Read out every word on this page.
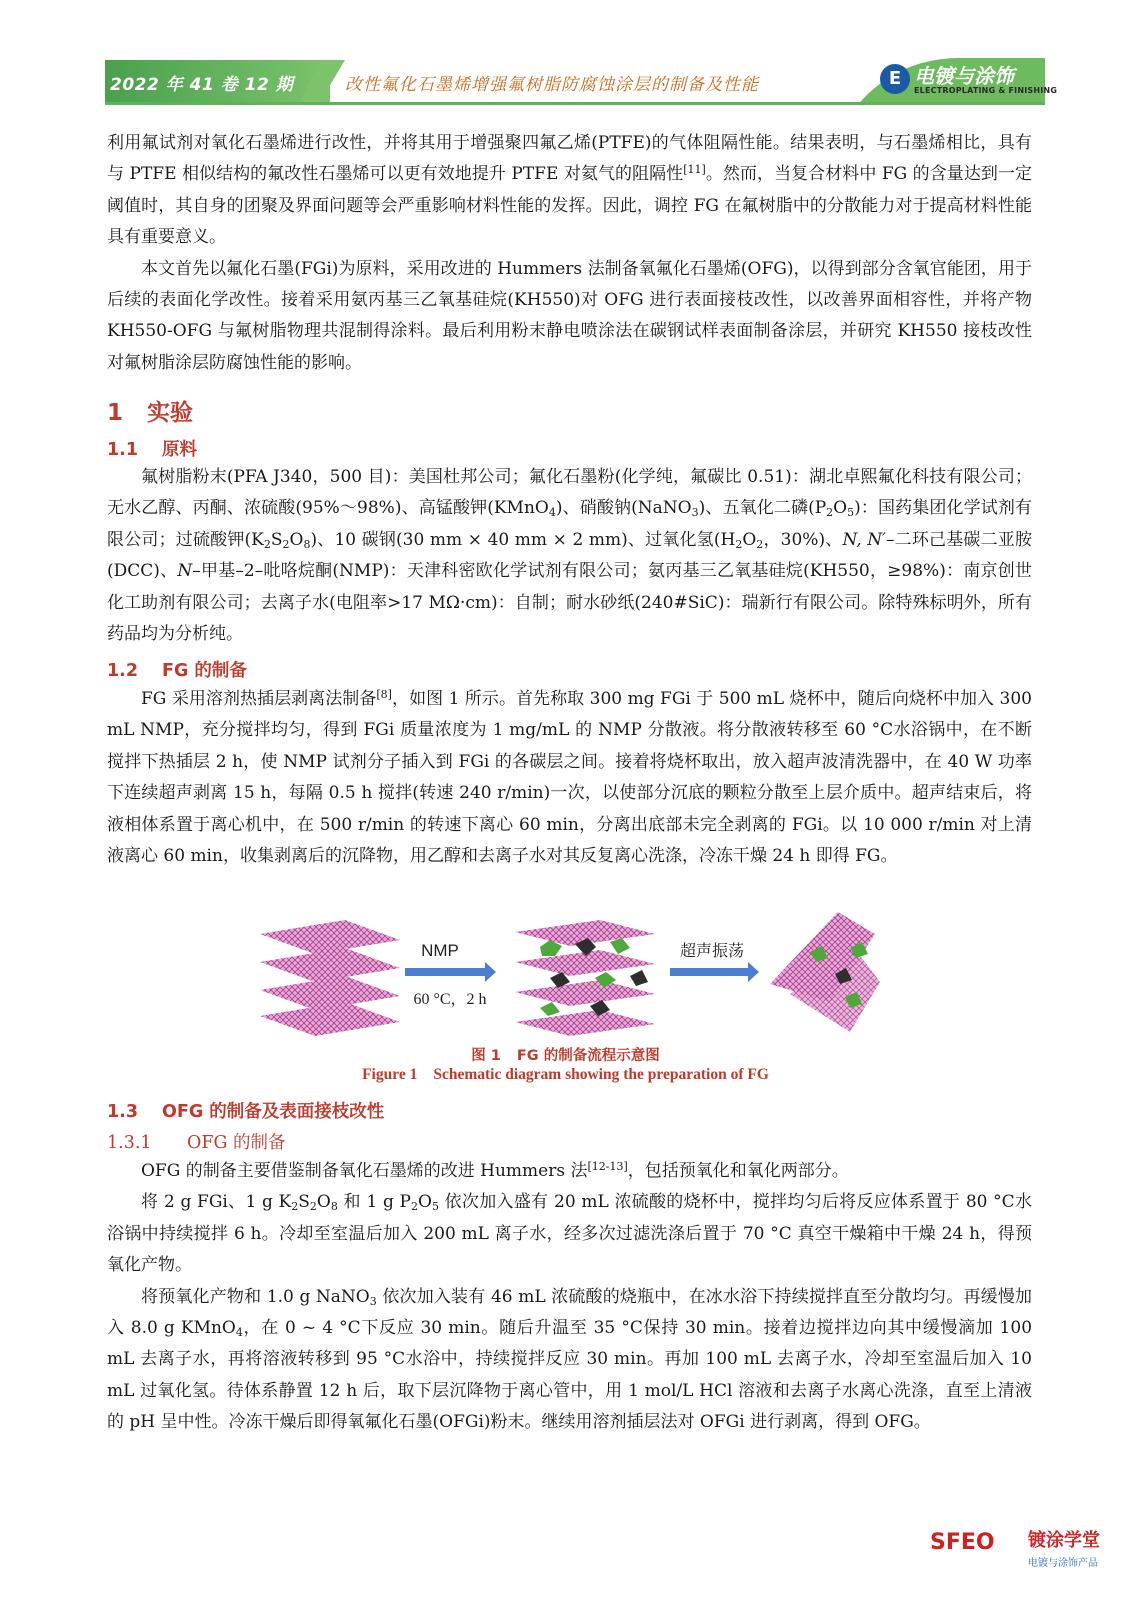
2022 年 41 卷 12 期	改性氟化石墨烯增强氟树脂防腐蚀涂层的制备及性能	E 电镀与涂饰
ELECTROPLATING & FINISHING

利用氟试剂对氧化石墨烯进行改性，并将其用于增强聚四氟乙烯(PTFE)的气体阻隔性能。结果表明，与石墨烯相比，具有与 PTFE 相似结构的氟改性石墨烯可以更有效地提升 PTFE 对氦气的阻隔性[11]。然而，当复合材料中 FG 的含量达到一定阈值时，其自身的团聚及界面问题等会严重影响材料性能的发挥。因此，调控 FG 在氟树脂中的分散能力对于提高材料性能具有重要意义。

本文首先以氟化石墨(FGi)为原料，采用改进的 Hummers 法制备氧氟化石墨烯(OFG)，以得到部分含氧官能团，用于后续的表面化学改性。接着采用氨丙基三乙氧基硅烷(KH550)对 OFG 进行表面接枝改性，以改善界面相容性，并将产物 KH550-OFG 与氟树脂物理共混制得涂料。最后利用粉末静电喷涂法在碳钢试样表面制备涂层，并研究 KH550 接枝改性对氟树脂涂层防腐蚀性能的影响。

1 实验
1.1 原料

氟树脂粉末(PFA J340，500 目)：美国杜邦公司；氟化石墨粉(化学纯，氟碳比 0.51)：湖北卓熙氟化科技有限公司；无水乙醇、丙酮、浓硫酸(95%～98%)、高锰酸钾(KMnO$_4$)、硝酸钠(NaNO$_3$)、五氧化二磷$(P_2O_5)$：国药集团化学试剂有限公司；过硫酸钾$(K_2S_2O_8)$、10 碳钢(30 mm × 40 mm × 2 mm)、过氧化氢($H_2O_2$，30%)、N, N′–二环己基碳二亚胺(DCC)、N–甲基–2–吡咯烷酮(NMP)：天津科密欧化学试剂有限公司；氨丙基三乙氧基硅烷(KH550，≥98%)：南京创世化工助剂有限公司；去离子水(电阻率>17 MΩ·cm)：自制；耐水砂纸(240#SiC)：瑞新行有限公司。除特殊标明外，所有药品均为分析纯。

1.2 FG 的制备

FG 采用溶剂热插层剥离法制备[8]，如图 1 所示。首先称取 300 mg FGi 于 500 mL 烧杯中，随后向烧杯中加入 300 mL NMP，充分搅拌均匀，得到 FGi 质量浓度为 1 mg/mL 的 NMP 分散液。将分散液转移至 60 °C水浴锅中，在不断搅拌下热插层 2 h，使 NMP 试剂分子插入到 FGi 的各碳层之间。接着将烧杯取出，放入超声波清洗器中，在 40 W 功率下连续超声剥离 15 h，每隔 0.5 h 搅拌(转速 240 r/min)一次，以使部分沉底的颗粒分散至上层介质中。超声结束后，将液相体系置于离心机中，在 500 r/min 的转速下离心 60 min，分离出底部未完全剥离的 FGi。以 10 000 r/min 对上清液离心 60 min，收集剥离后的沉降物，用乙醇和去离子水对其反复离心洗涤，冷冻干燥 24 h 即得 FG。

NMP
60 °C，2 h
超声振荡
图 1 FG 的制备流程示意图
Figure 1 Schematic diagram showing the preparation of FG
1.3 OFG 的制备及表面接枝改性
1.3.1 OFG 的制备

OFG 的制备主要借鉴制备氧化石墨烯的改进 Hummers 法[12-13]，包括预氧化和氧化两部分。

将 2 g FGi、1 g $K_2S_2O_8$ 和 1 g $P_2O_5$ 依次加入盛有 20 mL 浓硫酸的烧杯中，搅拌均匀后将反应体系置于 80 °C水浴锅中持续搅拌 6 h。冷却至室温后加入 200 mL 离子水，经多次过滤洗涤后置于 70 °C 真空干燥箱中干燥 24 h，得预氧化产物。

将预氧化产物和 1.0 g NaNO$_3$ 依次加入装有 46 mL 浓硫酸的烧瓶中，在冰水浴下持续搅拌直至分散均匀。再缓慢加入 8.0 g KMnO$_4$，在 0 ~ 4 °C下反应 30 min。随后升温至 35 °C保持 30 min。接着边搅拌边向其中缓慢滴加 100 mL 去离子水，再将溶液转移到 95 °C水浴中，持续搅拌反应 30 min。再加 100 mL 去离子水，冷却至室温后加入 10 mL 过氧化氢。待体系静置 12 h 后，取下层沉降物于离心管中，用 1 mol/L HCl 溶液和去离子水离心洗涤，直至上清液的 pH 呈中性。冷冻干燥后即得氧氟化石墨(OFGi)粉末。继续用溶剂插层法对 OFGi 进行剥离，得到 OFG。

SFEO 镀涂学堂
电镀与涂饰产品
